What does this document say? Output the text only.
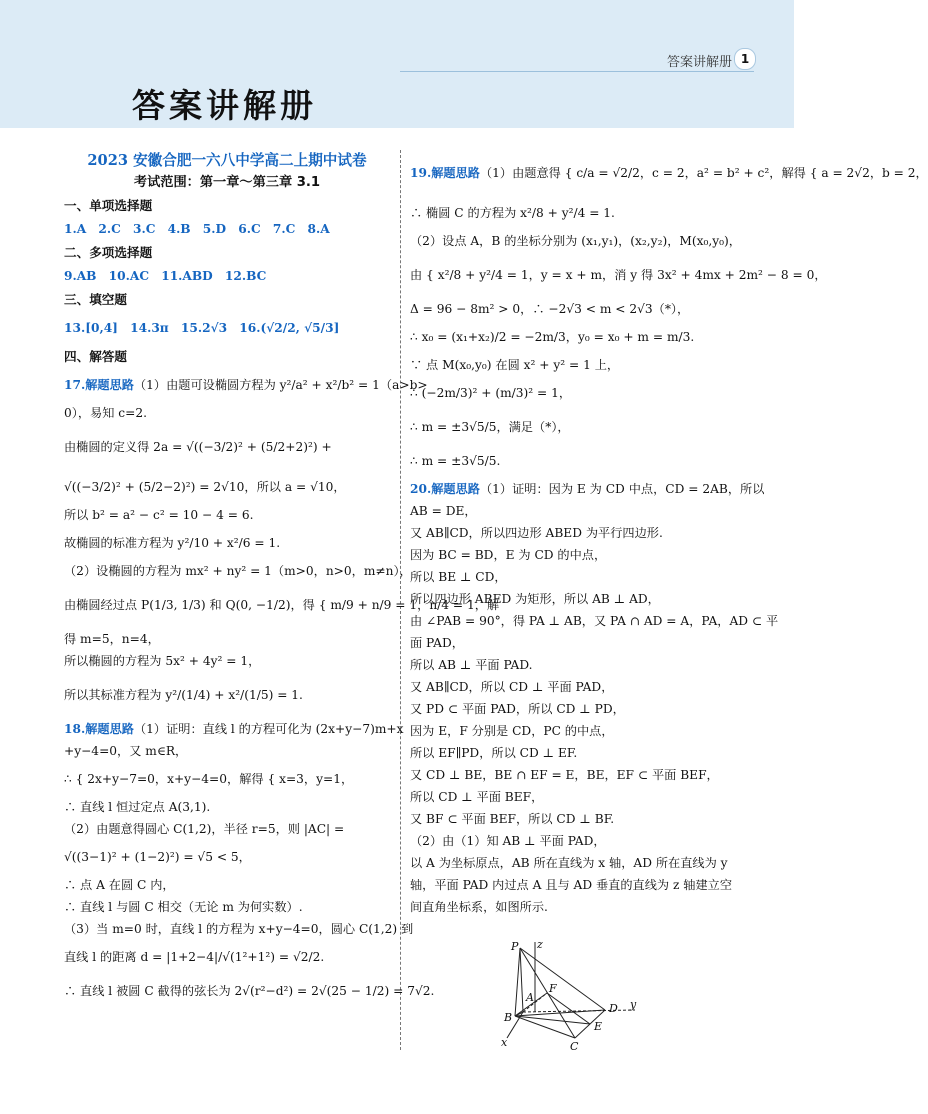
答案讲解册 1
答案讲解册
2023 安徽合肥一六八中学高二上期中试卷
考试范围：第一章～第三章 3.1
一、单项选择题
1.A　2.C　3.C　4.B　5.D　6.C　7.C　8.A
二、多项选择题
9.AB　10.AC　11.ABD　12.BC
三、填空题
13.[0,4]　14.3π　15.2√3　16.(√2/2, √5/3]
四、解答题
17.解题思路（1）由题可设椭圆方程为 y²/a² + x²/b² = 1（a>b>
0），易知 c=2.
由椭圆的定义得 2a = √((−3/2)² + (5/2+2)²) +
√((−3/2)² + (5/2−2)²) = 2√10，所以 a = √10，
所以 b² = a² − c² = 10 − 4 = 6.
故椭圆的标准方程为 y²/10 + x²/6 = 1.
（2）设椭圆的方程为 mx² + ny² = 1（m>0，n>0，m≠n），
由椭圆经过点 P(1/3, 1/3) 和 Q(0, −1/2)，得 { m/9 + n/9 = 1，n/4 = 1，解
得 m=5，n=4，
所以椭圆的方程为 5x² + 4y² = 1，
所以其标准方程为 y²/(1/4) + x²/(1/5) = 1.
18.解题思路（1）证明：直线 l 的方程可化为 (2x+y−7)m+x
+y−4=0，又 m∈R，
∴ { 2x+y−7=0，x+y−4=0，解得 { x=3，y=1，
∴ 直线 l 恒过定点 A(3,1).
（2）由题意得圆心 C(1,2)，半径 r=5，则 |AC| =
√((3−1)² + (1−2)²) = √5 < 5，
∴ 点 A 在圆 C 内，
∴ 直线 l 与圆 C 相交（无论 m 为何实数）.
（3）当 m=0 时，直线 l 的方程为 x+y−4=0，圆心 C(1,2) 到
直线 l 的距离 d = |1+2−4|/√(1²+1²) = √2/2.
∴ 直线 l 被圆 C 截得的弦长为 2√(r²−d²) = 2√(25 − 1/2) = 7√2.
19.解题思路（1）由题意得 { c/a = √2/2，c = 2，a² = b² + c²，解得 { a = 2√2，b = 2，
∴ 椭圆 C 的方程为 x²/8 + y²/4 = 1.
（2）设点 A，B 的坐标分别为 (x₁,y₁)，(x₂,y₂)，M(x₀,y₀)，
由 { x²/8 + y²/4 = 1，y = x + m，消 y 得 3x² + 4mx + 2m² − 8 = 0，
Δ = 96 − 8m² > 0，∴ −2√3 < m < 2√3（*），
∴ x₀ = (x₁+x₂)/2 = −2m/3，y₀ = x₀ + m = m/3.
∵ 点 M(x₀,y₀) 在圆 x² + y² = 1 上，
∴ (−2m/3)² + (m/3)² = 1，
∴ m = ±3√5/5，满足（*），
∴ m = ±3√5/5.
20.解题思路（1）证明：因为 E 为 CD 中点，CD = 2AB，所以
AB = DE，
又 AB∥CD，所以四边形 ABED 为平行四边形.
因为 BC = BD，E 为 CD 的中点，
所以 BE ⊥ CD，
所以四边形 ABED 为矩形，所以 AB ⊥ AD，
由 ∠PAB = 90°，得 PA ⊥ AB，又 PA ∩ AD = A，PA，AD ⊂ 平
面 PAD，
所以 AB ⊥ 平面 PAD.
又 AB∥CD，所以 CD ⊥ 平面 PAD，
又 PD ⊂ 平面 PAD，所以 CD ⊥ PD，
因为 E，F 分别是 CD，PC 的中点，
所以 EF∥PD，所以 CD ⊥ EF.
又 CD ⊥ BE，BE ∩ EF = E，BE，EF ⊂ 平面 BEF，
所以 CD ⊥ 平面 BEF，
又 BF ⊂ 平面 BEF，所以 CD ⊥ BF.
（2）由（1）知 AB ⊥ 平面 PAD，
以 A 为坐标原点，AB 所在直线为 x 轴，AD 所在直线为 y
轴，平面 PAD 内过点 A 且与 AD 垂直的直线为 z 轴建立空
间直角坐标系，如图所示.
P z
A
F
D y
B
E
x	C
